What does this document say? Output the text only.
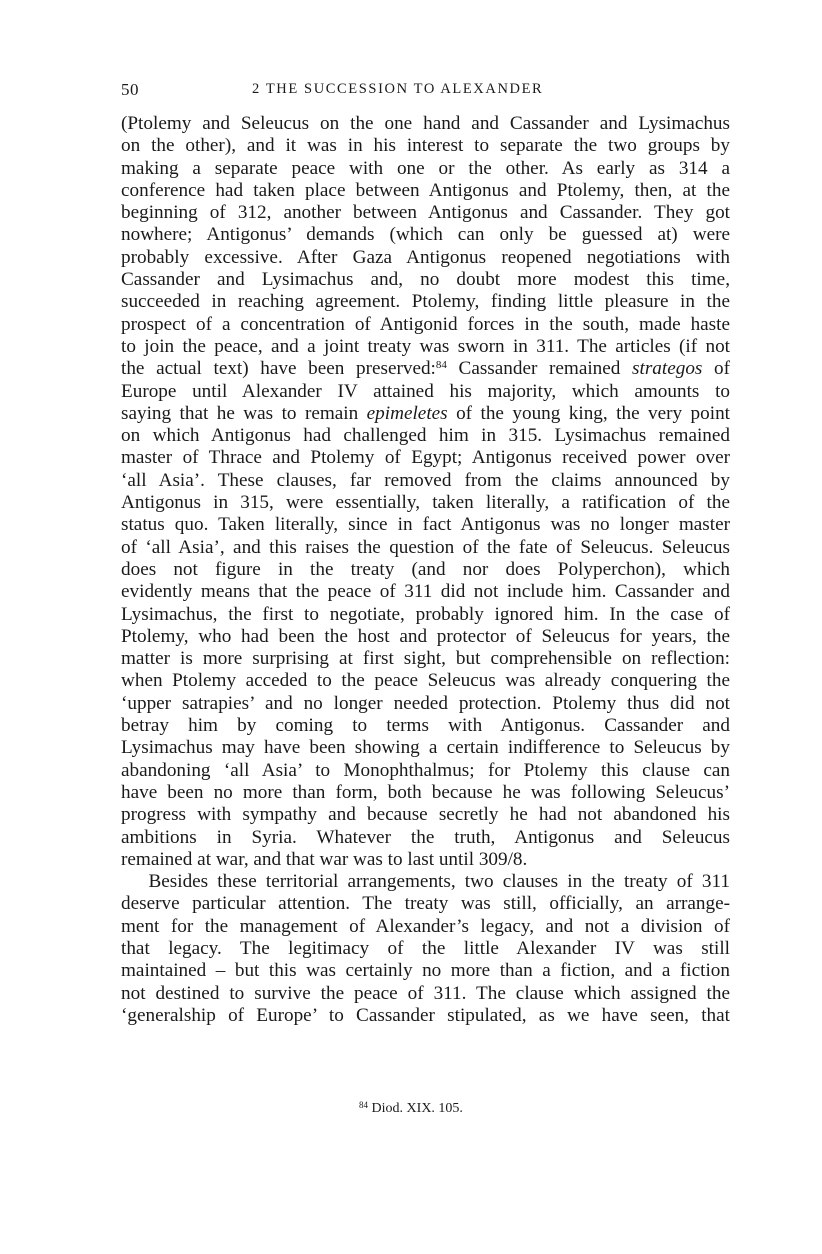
50	2 THE SUCCESSION TO ALEXANDER
(Ptolemy and Seleucus on the one hand and Cassander and Lysimachus
on the other), and it was in his interest to separate the two groups by
making a separate peace with one or the other. As early as 314 a
conference had taken place between Antigonus and Ptolemy, then, at the
beginning of 312, another between Antigonus and Cassander. They got
nowhere; Antigonus’ demands (which can only be guessed at) were
probably excessive. After Gaza Antigonus reopened negotiations with
Cassander and Lysimachus and, no doubt more modest this time,
succeeded in reaching agreement. Ptolemy, finding little pleasure in the
prospect of a concentration of Antigonid forces in the south, made haste
to join the peace, and a joint treaty was sworn in 311. The articles (if not
the actual text) have been preserved:$^{84}$ Cassander remained strategos of
Europe until Alexander IV attained his majority, which amounts to
saying that he was to remain epimeletes of the young king, the very point
on which Antigonus had challenged him in 315. Lysimachus remained
master of Thrace and Ptolemy of Egypt; Antigonus received power over
‘all Asia’. These clauses, far removed from the claims announced by
Antigonus in 315, were essentially, taken literally, a ratification of the
status quo. Taken literally, since in fact Antigonus was no longer master
of ‘all Asia’, and this raises the question of the fate of Seleucus. Seleucus
does not figure in the treaty (and nor does Polyperchon), which
evidently means that the peace of 311 did not include him. Cassander and
Lysimachus, the first to negotiate, probably ignored him. In the case of
Ptolemy, who had been the host and protector of Seleucus for years, the
matter is more surprising at first sight, but comprehensible on reflection:
when Ptolemy acceded to the peace Seleucus was already conquering the
‘upper satrapies’ and no longer needed protection. Ptolemy thus did not
betray him by coming to terms with Antigonus. Cassander and
Lysimachus may have been showing a certain indifference to Seleucus by
abandoning ‘all Asia’ to Monophthalmus; for Ptolemy this clause can
have been no more than form, both because he was following Seleucus’
progress with sympathy and because secretly he had not abandoned his
ambitions in Syria. Whatever the truth, Antigonus and Seleucus
remained at war, and that war was to last until 309/8.
Besides these territorial arrangements, two clauses in the treaty of 311
deserve particular attention. The treaty was still, officially, an arrange-
ment for the management of Alexander’s legacy, and not a division of
that legacy. The legitimacy of the little Alexander IV was still
maintained – but this was certainly no more than a fiction, and a fiction
not destined to survive the peace of 311. The clause which assigned the
‘generalship of Europe’ to Cassander stipulated, as we have seen, that
$^{84}$ Diod. XIX. 105.
